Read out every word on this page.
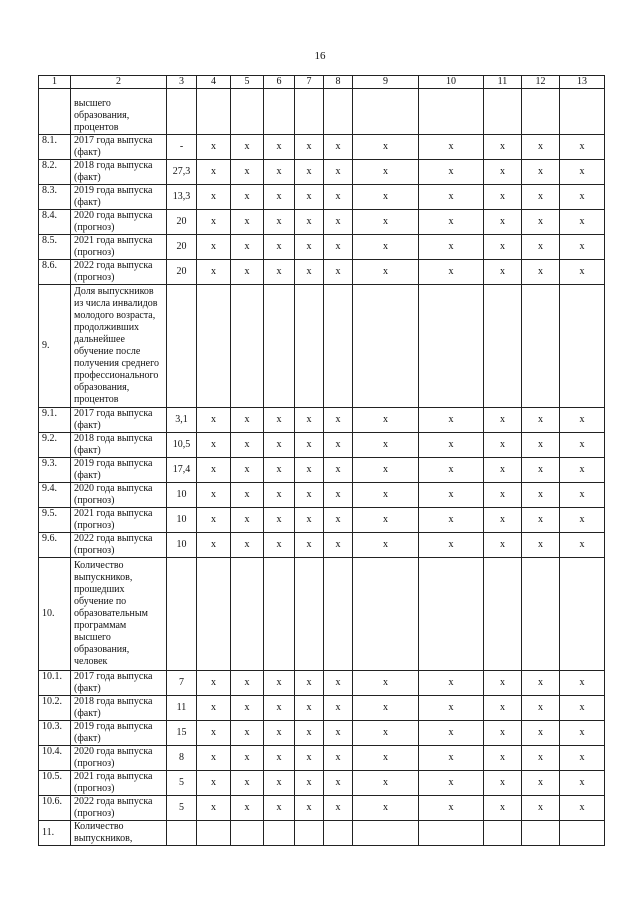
16
1	2	3	4	5	6	7	8	9	10	11	12	13
	высшего образования, процентов											
8.1.	2017 года выпуска (факт)	-	x	x	x	x	x	x	x	x	x	x
8.2.	2018 года выпуска (факт)	27,3	x	x	x	x	x	x	x	x	x	x
8.3.	2019 года выпуска (факт)	13,3	x	x	x	x	x	x	x	x	x	x
8.4.	2020 года выпуска (прогноз)	20	x	x	x	x	x	x	x	x	x	x
8.5.	2021 года выпуска (прогноз)	20	x	x	x	x	x	x	x	x	x	x
8.6.	2022 года выпуска (прогноз)	20	x	x	x	x	x	x	x	x	x	x
9.	Доля выпускников из числа инвалидов молодого возраста, продолживших дальнейшее обучение после получения среднего профессионального образования, процентов											
9.1.	2017 года выпуска (факт)	3,1	x	x	x	x	x	x	x	x	x	x
9.2.	2018 года выпуска (факт)	10,5	x	x	x	x	x	x	x	x	x	x
9.3.	2019 года выпуска (факт)	17,4	x	x	x	x	x	x	x	x	x	x
9.4.	2020 года выпуска (прогноз)	10	x	x	x	x	x	x	x	x	x	x
9.5.	2021 года выпуска (прогноз)	10	x	x	x	x	x	x	x	x	x	x
9.6.	2022 года выпуска (прогноз)	10	x	x	x	x	x	x	x	x	x	x
10.	Количество выпускников, прошедших обучение по образовательным программам высшего образования, человек											
10.1.	2017 года выпуска (факт)	7	x	x	x	x	x	x	x	x	x	x
10.2.	2018 года выпуска (факт)	11	x	x	x	x	x	x	x	x	x	x
10.3.	2019 года выпуска (факт)	15	x	x	x	x	x	x	x	x	x	x
10.4.	2020 года выпуска (прогноз)	8	x	x	x	x	x	x	x	x	x	x
10.5.	2021 года выпуска (прогноз)	5	x	x	x	x	x	x	x	x	x	x
10.6.	2022 года выпуска (прогноз)	5	x	x	x	x	x	x	x	x	x	x
11.	Количество выпускников,											
